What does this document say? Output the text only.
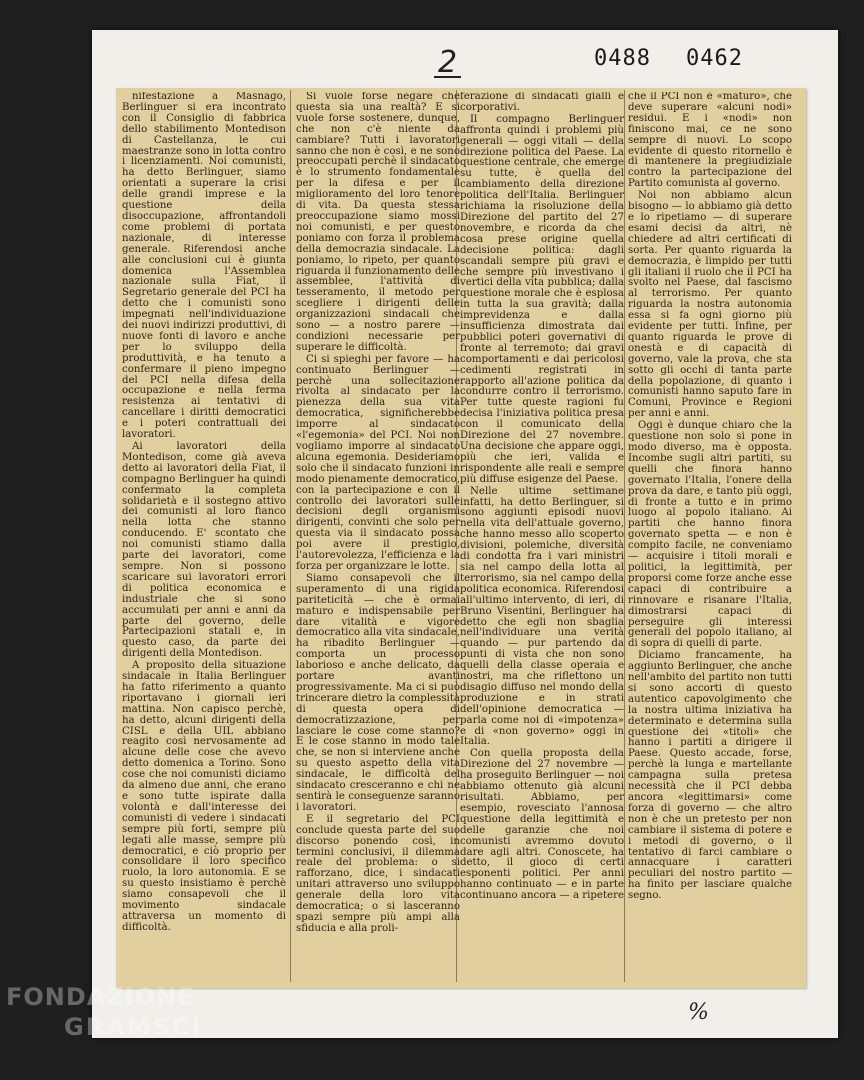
2	0488 0462

nifestazione a Masnago, Berlinguer si era incontrato con il Consiglio di fabbrica dello stabilimento Montedison di Castellanza, le cui maestranze sono in lotta contro i licenziamenti. Noi comunisti, ha detto Berlinguer, siamo orientati a superare la crisi delle grandi imprese e la questione della disoccupazione, affrontandoli come problemi di portata nazionale, di interesse generale. Riferendosi anche alle conclusioni cui è giunta domenica l'Assemblea nazionale sulla Fiat, il Segretario generale del PCI ha detto che i comunisti sono impegnati nell'individuazione dei nuovi indirizzi produttivi, di nuove fonti di lavoro e anche per lo sviluppo della produttività, e ha tenuto a confermare il pieno impegno del PCI nella difesa della occupazione e nella ferma resistenza ai tentativi di cancellare i diritti democratici e i poteri contrattuali dei lavoratori.

Ai lavoratori della Montedison, come già aveva detto ai lavoratori della Fiat, il compagno Berlinguer ha quindi confermato la completa solidarietà e il sostegno attivo dei comunisti al loro fianco nella lotta che stanno conducendo. E' scontato che noi comunisti stiamo dalla parte dei lavoratori, come sempre. Non si possono scaricare sui lavoratori errori di politica economica e industriale che si sono accumulati per anni e anni da parte del governo, delle Partecipazioni statali e, in questo caso, da parte dei dirigenti della Montedison.

A proposito della situazione sindacale in Italia Berlinguer ha fatto riferimento a quanto riportavano i giornali ieri mattina. Non capisco perchè, ha detto, alcuni dirigenti della CISL e della UIL abbiano reagito così nervosamente ad alcune delle cose che avevo detto domenica a Torino. Sono cose che noi comunisti diciamo da almeno due anni, che erano e sono tutte ispirate dalla volontà e dall'interesse dei comunisti di vedere i sindacati sempre più forti, sempre più legati alle masse, sempre più democratici, e ciò proprio per consolidare il loro specifico ruolo, la loro autonomia. E se su questo insistiamo è perchè siamo consapevoli che il movimento sindacale attraversa un momento di difficoltà.

Si vuole forse negare che questa sia una realtà? E si vuole forse sostenere, dunque, che non c'è niente da cambiare? Tutti i lavoratori sanno che non è così, e ne sono preoccupati perchè il sindacato è lo strumento fondamentale per la difesa e per il miglioramento del loro tenore di vita. Da questa stessa preoccupazione siamo mossi noi comunisti, e per questo poniamo con forza il problema della democrazia sindacale. La poniamo, lo ripeto, per quanto riguarda il funzionamento delle assemblee, l'attività di tesseramento, il metodo per scegliere i dirigenti delle organizzazioni sindacali che sono — a nostro parere — condizioni necessarie per superare le difficoltà.

Ci si spieghi per favore — ha continuato Berlinguer — perchè una sollecitazione rivolta al sindacato per la pienezza della sua vita democratica, significherebbe imporre al sindacato «l'egemonia» del PCI. Noi non vogliamo imporre al sindacato alcuna egemonia. Desideriamo solo che il sindacato funzioni in modo pienamente democratico, con la partecipazione e con il controllo dei lavoratori sulle decisioni degli organismi dirigenti, convinti che solo per questa via il sindacato possa poi avere il prestigio, l'autorevolezza, l'efficienza e la forza per organizzare le lotte.

Siamo consapevoli che il superamento di una rigida pariteticità — che è ormai maturo e indispensabile per dare vitalità e vigore democratico alla vita sindacale, ha ribadito Berlinguer — comporta un processo laborioso e anche delicato, da portare avanti progressivamente. Ma ci si può trincerare dietro la complessità di questa opera di democratizzazione, per lasciare le cose come stanno? E le cose stanno in modo tale che, se non si interviene anche su questo aspetto della vita sindacale, le difficoltà del sindacato cresceranno e chi ne sentirà le conseguenze saranno i lavoratori.

E il segretario del PCI conclude questa parte del suo discorso ponendo così, in termini conclusivi, il dilemma reale del problema: o si rafforzano, dice, i sindacati unitari attraverso uno sviluppo generale della loro vita democratica; o si lasceranno spazi sempre più ampi alla sfiducia e alla proli-

ferazione di sindacati gialli e corporativi.

Il compagno Berlinguer affronta quindi i problemi più generali — oggi vitali — della direzione politica del Paese. La questione centrale, che emerge su tutte, è quella del cambiamento della direzione politica dell'Italia. Berlinguer richiama la risoluzione della Direzione del partito del 27 novembre, e ricorda da che cosa prese origine quella decisione politica: dagli scandali sempre più gravi e che sempre più investivano i vertici della vita pubblica; dalla questione morale che è esplosa in tutta la sua gravità; dalla imprevidenza e dalla insufficienza dimostrata dai pubblici poteri governativi di fronte al terremoto; dai gravi comportamenti e dai pericolosi cedimenti registrati in rapporto all'azione politica da condurre contro il terrorismo. Per tutte queste ragioni fu decisa l'iniziativa politica presa con il comunicato della Direzione del 27 novembre. Una decisione che appare oggi, più che ieri, valida e rispondente alle reali e sempre più diffuse esigenze del Paese.

Nelle ultime settimane infatti, ha detto Berlinguer, si sono aggiunti episodi nuovi nella vita dell'attuale governo, che hanno messo allo scoperto divisioni, polemiche, diversità di condotta fra i vari ministri sia nel campo della lotta al terrorismo, sia nel campo della politica economica. Riferendosi all'ultimo intervento, di ieri, di Bruno Visentini, Berlinguer ha detto che egli non sbaglia nell'individuare una verità quando — pur partendo da punti di vista che non sono quelli della classe operaia e nostri, ma che riflettono un disagio diffuso nel mondo della produzione e in strati dell'opinione democratica — parla come noi di «impotenza» e di «non governo» oggi in Italia.

Con quella proposta della Direzione del 27 novembre — ha proseguito Berlinguer — noi abbiamo ottenuto già alcuni risultati. Abbiamo, per esempio, rovesciato l'annosa questione della legittimità e delle garanzie che noi comunisti avremmo dovuto dare agli altri. Conoscete, ha detto, il gioco di certi esponenti politici. Per anni hanno continuato — e in parte continuano ancora — a ripetere

che il PCI non è «maturo», che deve superare «alcuni nodi» residui. E i «nodi» non finiscono mai, ce ne sono sempre di nuovi. Lo scopo evidente di questo ritornello è di mantenere la pregiudiziale contro la partecipazione del Partito comunista al governo.

Noi non abbiamo alcun bisogno — lo abbiamo già detto e lo ripetiamo — di superare esami decisi da altri, nè chiedere ad altri certificati di sorta. Per quanto riguarda la democrazia, è limpido per tutti gli italiani il ruolo che il PCI ha svolto nel Paese, dal fascismo al terrorismo. Per quanto riguarda la nostra autonomia essa si fa ogni giorno più evidente per tutti. Infine, per quanto riguarda le prove di onestà e di capacità di governo, vale la prova, che sta sotto gli occhi di tanta parte della popolazione, di quanto i comunisti hanno saputo fare in Comuni, Province e Regioni per anni e anni.

Oggi è dunque chiaro che la questione non solo si pone in modo diverso, ma è opposta. Incombe sugli altri partiti, su quelli che finora hanno governato l'Italia, l'onere della prova da dare, e tanto più oggi, di fronte a tutto e in primo luogo al popolo italiano. Ai partiti che hanno finora governato spetta — e non è compito facile, ne conveniamo — acquisire i titoli morali e politici, la legittimità, per proporsi come forze anche esse capaci di contribuire a rinnovare e risanare l'Italia, dimostrarsi capaci di perseguire gli interessi generali del popolo italiano, al di sopra di quelli di parte.

Diciamo francamente, ha aggiunto Berlinguer, che anche nell'ambito del partito non tutti si sono accorti di questo autentico capovolgimento che la nostra ultima iniziativa ha determinato e determina sulla questione dei «titoli» che hanno i partiti a dirigere il Paese. Questo accade, forse, perchè la lunga e martellante campagna sulla pretesa necessità che il PCI debba ancora «legittimarsi» come forza di governo — che altro non è che un pretesto per non cambiare il sistema di potere e i metodi di governo, o il tentativo di farci cambiare o annacquare i caratteri peculiari del nostro partito — ha finito per lasciare qualche segno.

%
FONDAZIONE
GRAMSCI
